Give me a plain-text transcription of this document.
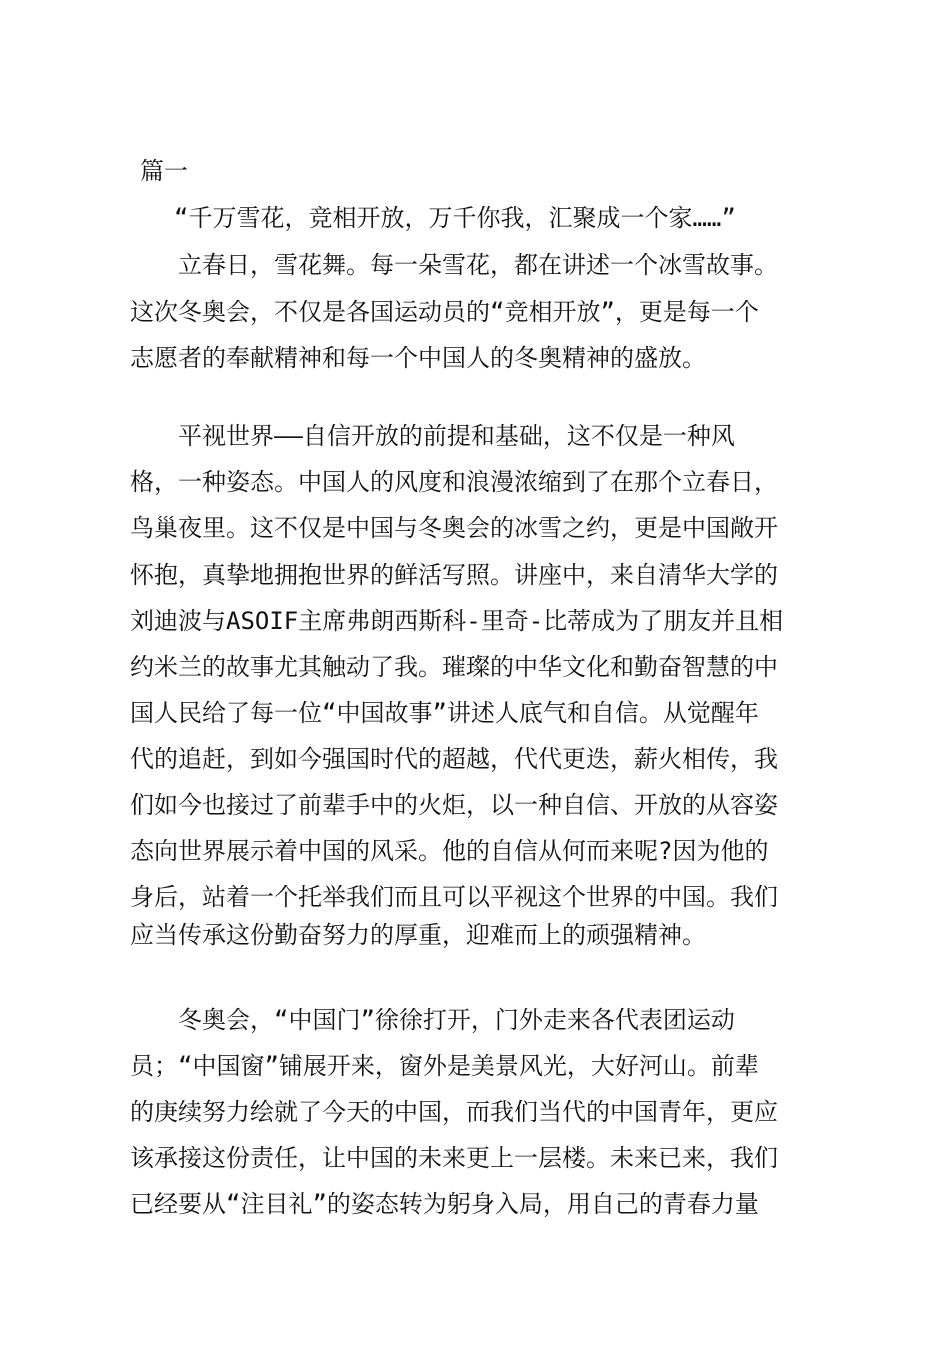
篇一
“千万雪花，竞相开放，万千你我，汇聚成一个家……”
立春日，雪花舞。每一朵雪花，都在讲述一个冰雪故事。
这次冬奥会，不仅是各国运动员的“竞相开放”，更是每一个
志愿者的奉献精神和每一个中国人的冬奥精神的盛放。
平视世界——自信开放的前提和基础，这不仅是一种风
格，一种姿态。中国人的风度和浪漫浓缩到了在那个立春日，
鸟巢夜里。这不仅是中国与冬奥会的冰雪之约，更是中国敞开
怀抱，真挚地拥抱世界的鲜活写照。讲座中，来自清华大学的
刘迪波与ASOIF主席弗朗西斯科-里奇-比蒂成为了朋友并且相
约米兰的故事尤其触动了我。璀璨的中华文化和勤奋智慧的中
国人民给了每一位“中国故事”讲述人底气和自信。从觉醒年
代的追赶，到如今强国时代的超越，代代更迭，薪火相传，我
们如今也接过了前辈手中的火炬，以一种自信、开放的从容姿
态向世界展示着中国的风采。他的自信从何而来呢?因为他的
身后，站着一个托举我们而且可以平视这个世界的中国。我们
应当传承这份勤奋努力的厚重，迎难而上的顽强精神。
冬奥会，“中国门”徐徐打开，门外走来各代表团运动
员；“中国窗”铺展开来，窗外是美景风光，大好河山。前辈
的庚续努力绘就了今天的中国，而我们当代的中国青年，更应
该承接这份责任，让中国的未来更上一层楼。未来已来，我们
已经要从“注目礼”的姿态转为躬身入局，用自己的青春力量
